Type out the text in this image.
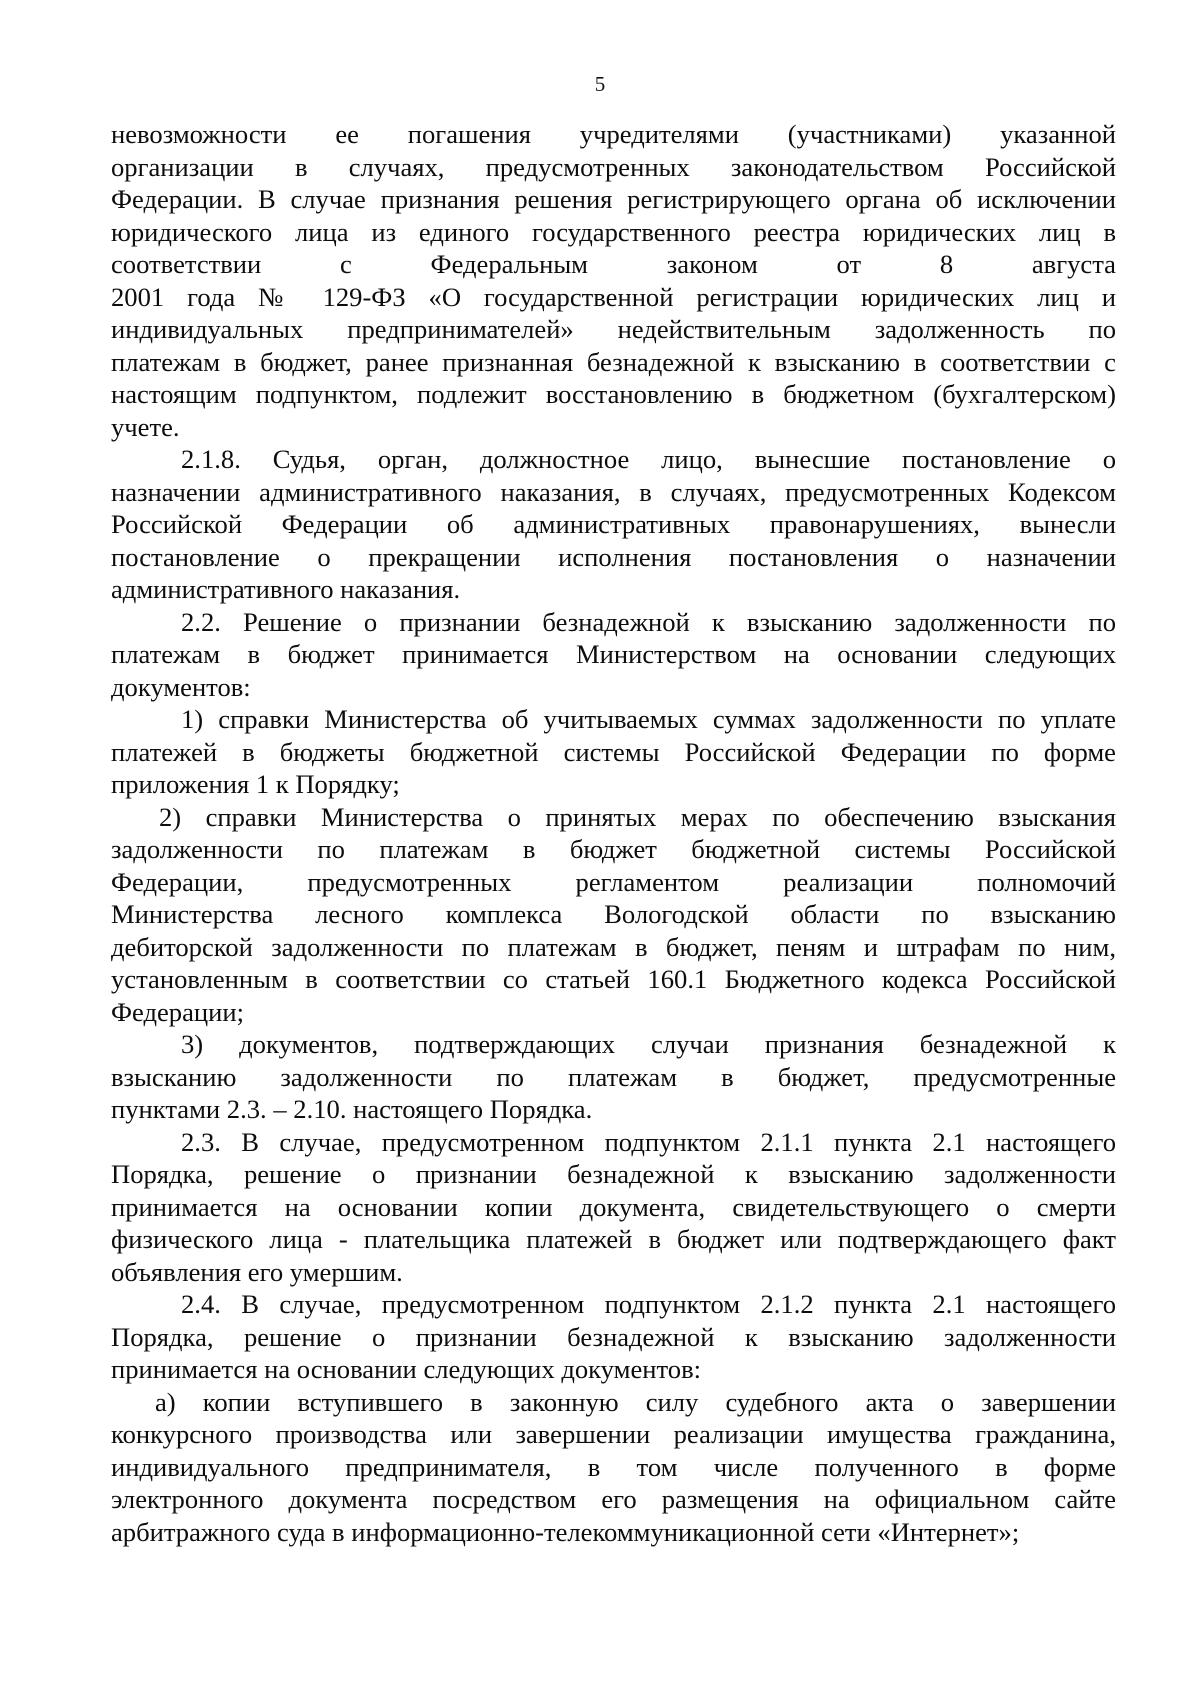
5
невозможности ее погашения учредителями (участниками) указанной
организации в случаях, предусмотренных законодательством Российской
Федерации. В случае признания решения регистрирующего органа об исключении
юридического лица из единого государственного реестра юридических лиц в
соответствии с Федеральным законом от 8 августа
2001 года № 129-ФЗ «О государственной регистрации юридических лиц и
индивидуальных предпринимателей» недействительным задолженность по
платежам в бюджет, ранее признанная безнадежной к взысканию в соответствии с
настоящим подпунктом, подлежит восстановлению в бюджетном (бухгалтерском)
учете.
2.1.8. Судья, орган, должностное лицо, вынесшие постановление о
назначении административного наказания, в случаях, предусмотренных Кодексом
Российской Федерации об административных правонарушениях, вынесли
постановление о прекращении исполнения постановления о назначении
административного наказания.
2.2. Решение о признании безнадежной к взысканию задолженности по
платежам в бюджет принимается Министерством на основании следующих
документов:
1) справки Министерства об учитываемых суммах задолженности по уплате
платежей в бюджеты бюджетной системы Российской Федерации по форме
приложения 1 к Порядку;
2) справки Министерства о принятых мерах по обеспечению взыскания
задолженности по платежам в бюджет бюджетной системы Российской
Федерации, предусмотренных регламентом реализации полномочий
Министерства лесного комплекса Вологодской области по взысканию
дебиторской задолженности по платежам в бюджет, пеням и штрафам по ним,
установленным в соответствии со статьей 160.1 Бюджетного кодекса Российской
Федерации;
3) документов, подтверждающих случаи признания безнадежной к
взысканию задолженности по платежам в бюджет, предусмотренные
пунктами 2.3. – 2.10. настоящего Порядка.
2.3. В случае, предусмотренном подпунктом 2.1.1 пункта 2.1 настоящего
Порядка, решение о признании безнадежной к взысканию задолженности
принимается на основании копии документа, свидетельствующего о смерти
физического лица - плательщика платежей в бюджет или подтверждающего факт
объявления его умершим.
2.4. В случае, предусмотренном подпунктом 2.1.2 пункта 2.1 настоящего
Порядка, решение о признании безнадежной к взысканию задолженности
принимается на основании следующих документов:
а) копии вступившего в законную силу судебного акта о завершении
конкурсного производства или завершении реализации имущества гражданина,
индивидуального предпринимателя, в том числе полученного в форме
электронного документа посредством его размещения на официальном сайте
арбитражного суда в информационно-телекоммуникационной сети «Интернет»;
